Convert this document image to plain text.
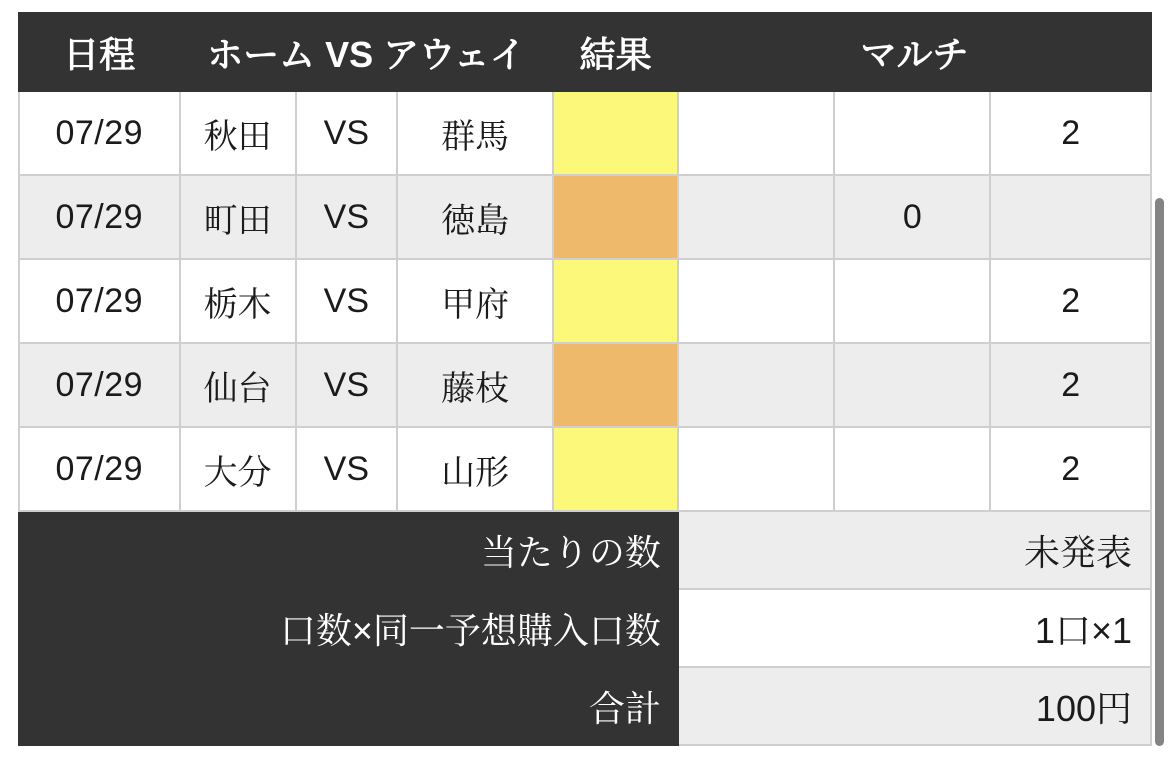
日程	ホーム VS アウェイ			結果	マルチ		
07/29	秋田	VS	群馬				2
07/29	町田	VS	徳島			0	
07/29	栃木	VS	甲府				2
07/29	仙台	VS	藤枝				2
07/29	大分	VS	山形				2
当たりの数					未発表		
口数×同一予想購入口数					1口×1		
合計					100円		
